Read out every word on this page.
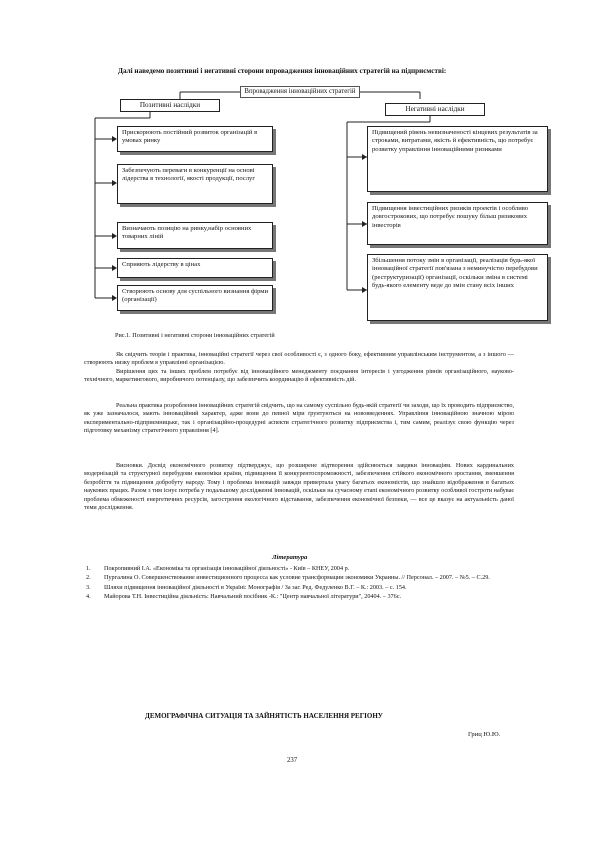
Далі наведемо позитивні і негативні сторони впровадження інноваційних стратегій на підприємстві:
Впровадження інноваційних стратегій
Позитивні наслідки	Негативні наслідки
Прискорюють постійний розвиток організацій в умовах ринку
Забезпечують переваги в конкуренції на основі лідерства в технології, якості продукції, послуг
Визначають позицію на ринку,набір основних товарних ліній
Сприяють лідерству в цінах
Створюють основу для суспільного визнання фірми (організації)
Підвищений рівень невизначеності кінцевих результатів за строками, витратами, якість й ефективність, що потребує розвитку управління інноваційними ризиками
Підвищення інвестиційних ризиків проектів і особливо довгострокових, що потребує пошуку більш ризикових інвесторів
Збільшення потоку змін в організації, реалізація будь-якої інноваційної стратегії пов'язана з неминучістю перебудови (реструктуризації) організації, оскільки зміна в системі будь-якого елементу веде до змін стану всіх інших
Рис.1. Позитивні і негативні сторони інноваційних стратегій
Як свідчить теорія і практика, інноваційні стратегії через свої особливості є, з одного боку, ефективним управлінським інструментом, а з іншого — створюють низку проблем в управлінні організацією.
Вирішення цих та інших проблем потребує від інноваційного менеджменту поєднання інтересів і узгодження рівнів організаційного, науково-технічного, маркетингового, виробничого потенціалу, що забезпечить координацію й ефективність дій.
Реальна практика розроблення інноваційних стратегій свідчить, що на самому суспільно будь-якій стратегії чи заходи, що їх проводить підприємство, як уже зазначалося, мають інноваційний характер, адже вони до певної міри ґрунтуються на нововведеннях. Управління інноваційною значною мірою експериментально-підприємницьке, так і організаційно-процедурні аспекти стратегічного розвитку підприємства і, тим самим, реалізує свою функцію через підготовку механізму стратегічного управління [4].
Висновки. Досвід економічного розвитку підтверджує, що розширене відтворення здійснюється завдяки інноваціям. Нових кардинальних модернізацій та структурної перебудови економіки країни, підвищення її конкурентоспроможності, забезпечення стійкого економічного зростання, зменшення безробіття та підвищення добробуту народу. Тому і проблема інновацій завжди привертала увагу багатьох економістів, що знайшло відображення в багатьох наукових працях. Разом з тим існує потреба у подальшому дослідженні інновацій, оскільки на сучасному етапі економічного розвитку особливої гостроти набуває проблема обмеженості енергетичних ресурсів, загострення екологічного відставання, забезпечення економічної безпеки, — все це вказує на актуальність даної теми дослідження.
Література
1. Покропивний І.А. «Економіка та організація інноваційної діяльності» - Київ – КНЕУ, 2004 р.
2. Пургалина О. Совершенствование инвестиционного процесса как условие трансформации экономики Украины. // Персонал. – 2007. – №5. – С.29.
3. Шляхи підвищення інноваційної діяльності в Україні: Монографія / За заг. Ред. Федуленко В.Г. – К.: 2003. – с. 154.
4. Майорова Т.Н. Інвестиційна діяльність: Навчальний посібник -К.: "Центр навчальної літератури", 20404. – 376с.
ДЕМОГРАФІЧНА СИТУАЦІЯ ТА ЗАЙНЯТІСТЬ НАСЕЛЕННЯ РЕГІОНУ
Гриц Ю.Ю.
237
